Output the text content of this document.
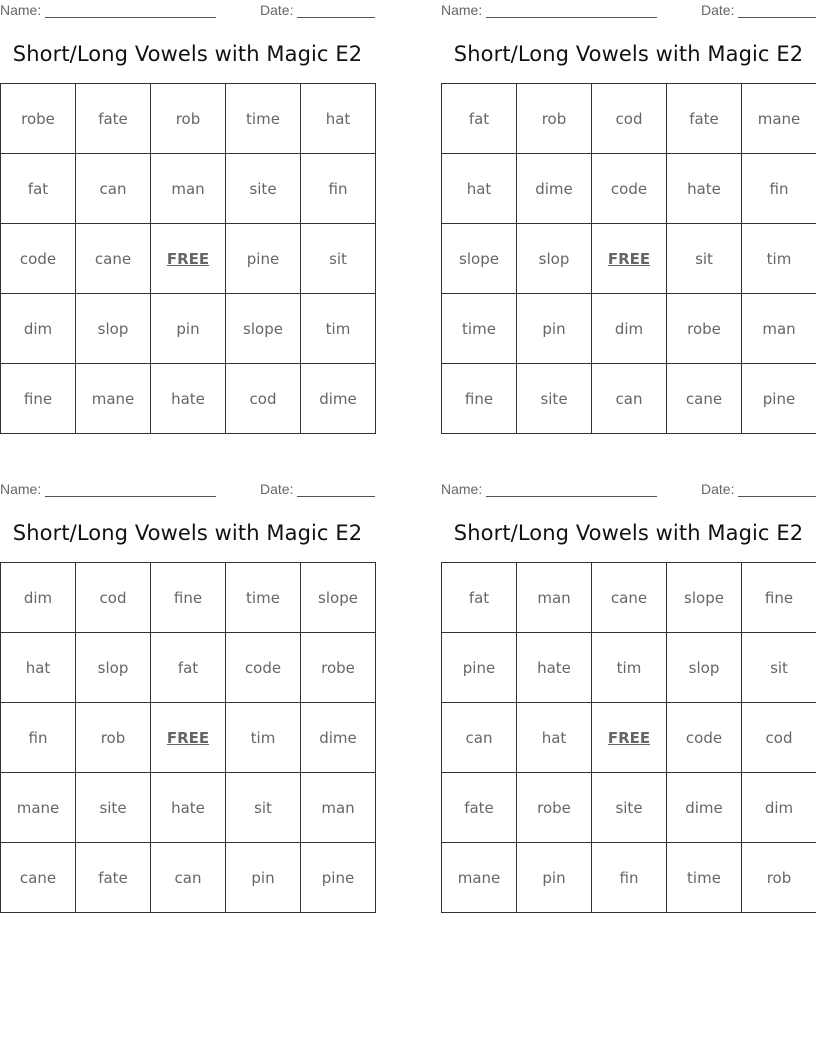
Name:	Date:
Short/Long Vowels with Magic E2
robe	fate	rob	time	hat
fat	can	man	site	fin
code	cane	FREE	pine	sit
dim	slop	pin	slope	tim
fine	mane	hate	cod	dime
Name:	Date:
Short/Long Vowels with Magic E2
fat	rob	cod	fate	mane
hat	dime	code	hate	fin
slope	slop	FREE	sit	tim
time	pin	dim	robe	man
fine	site	can	cane	pine
Name:	Date:
Short/Long Vowels with Magic E2
dim	cod	fine	time	slope
hat	slop	fat	code	robe
fin	rob	FREE	tim	dime
mane	site	hate	sit	man
cane	fate	can	pin	pine
Name:	Date:
Short/Long Vowels with Magic E2
fat	man	cane	slope	fine
pine	hate	tim	slop	sit
can	hat	FREE	code	cod
fate	robe	site	dime	dim
mane	pin	fin	time	rob
